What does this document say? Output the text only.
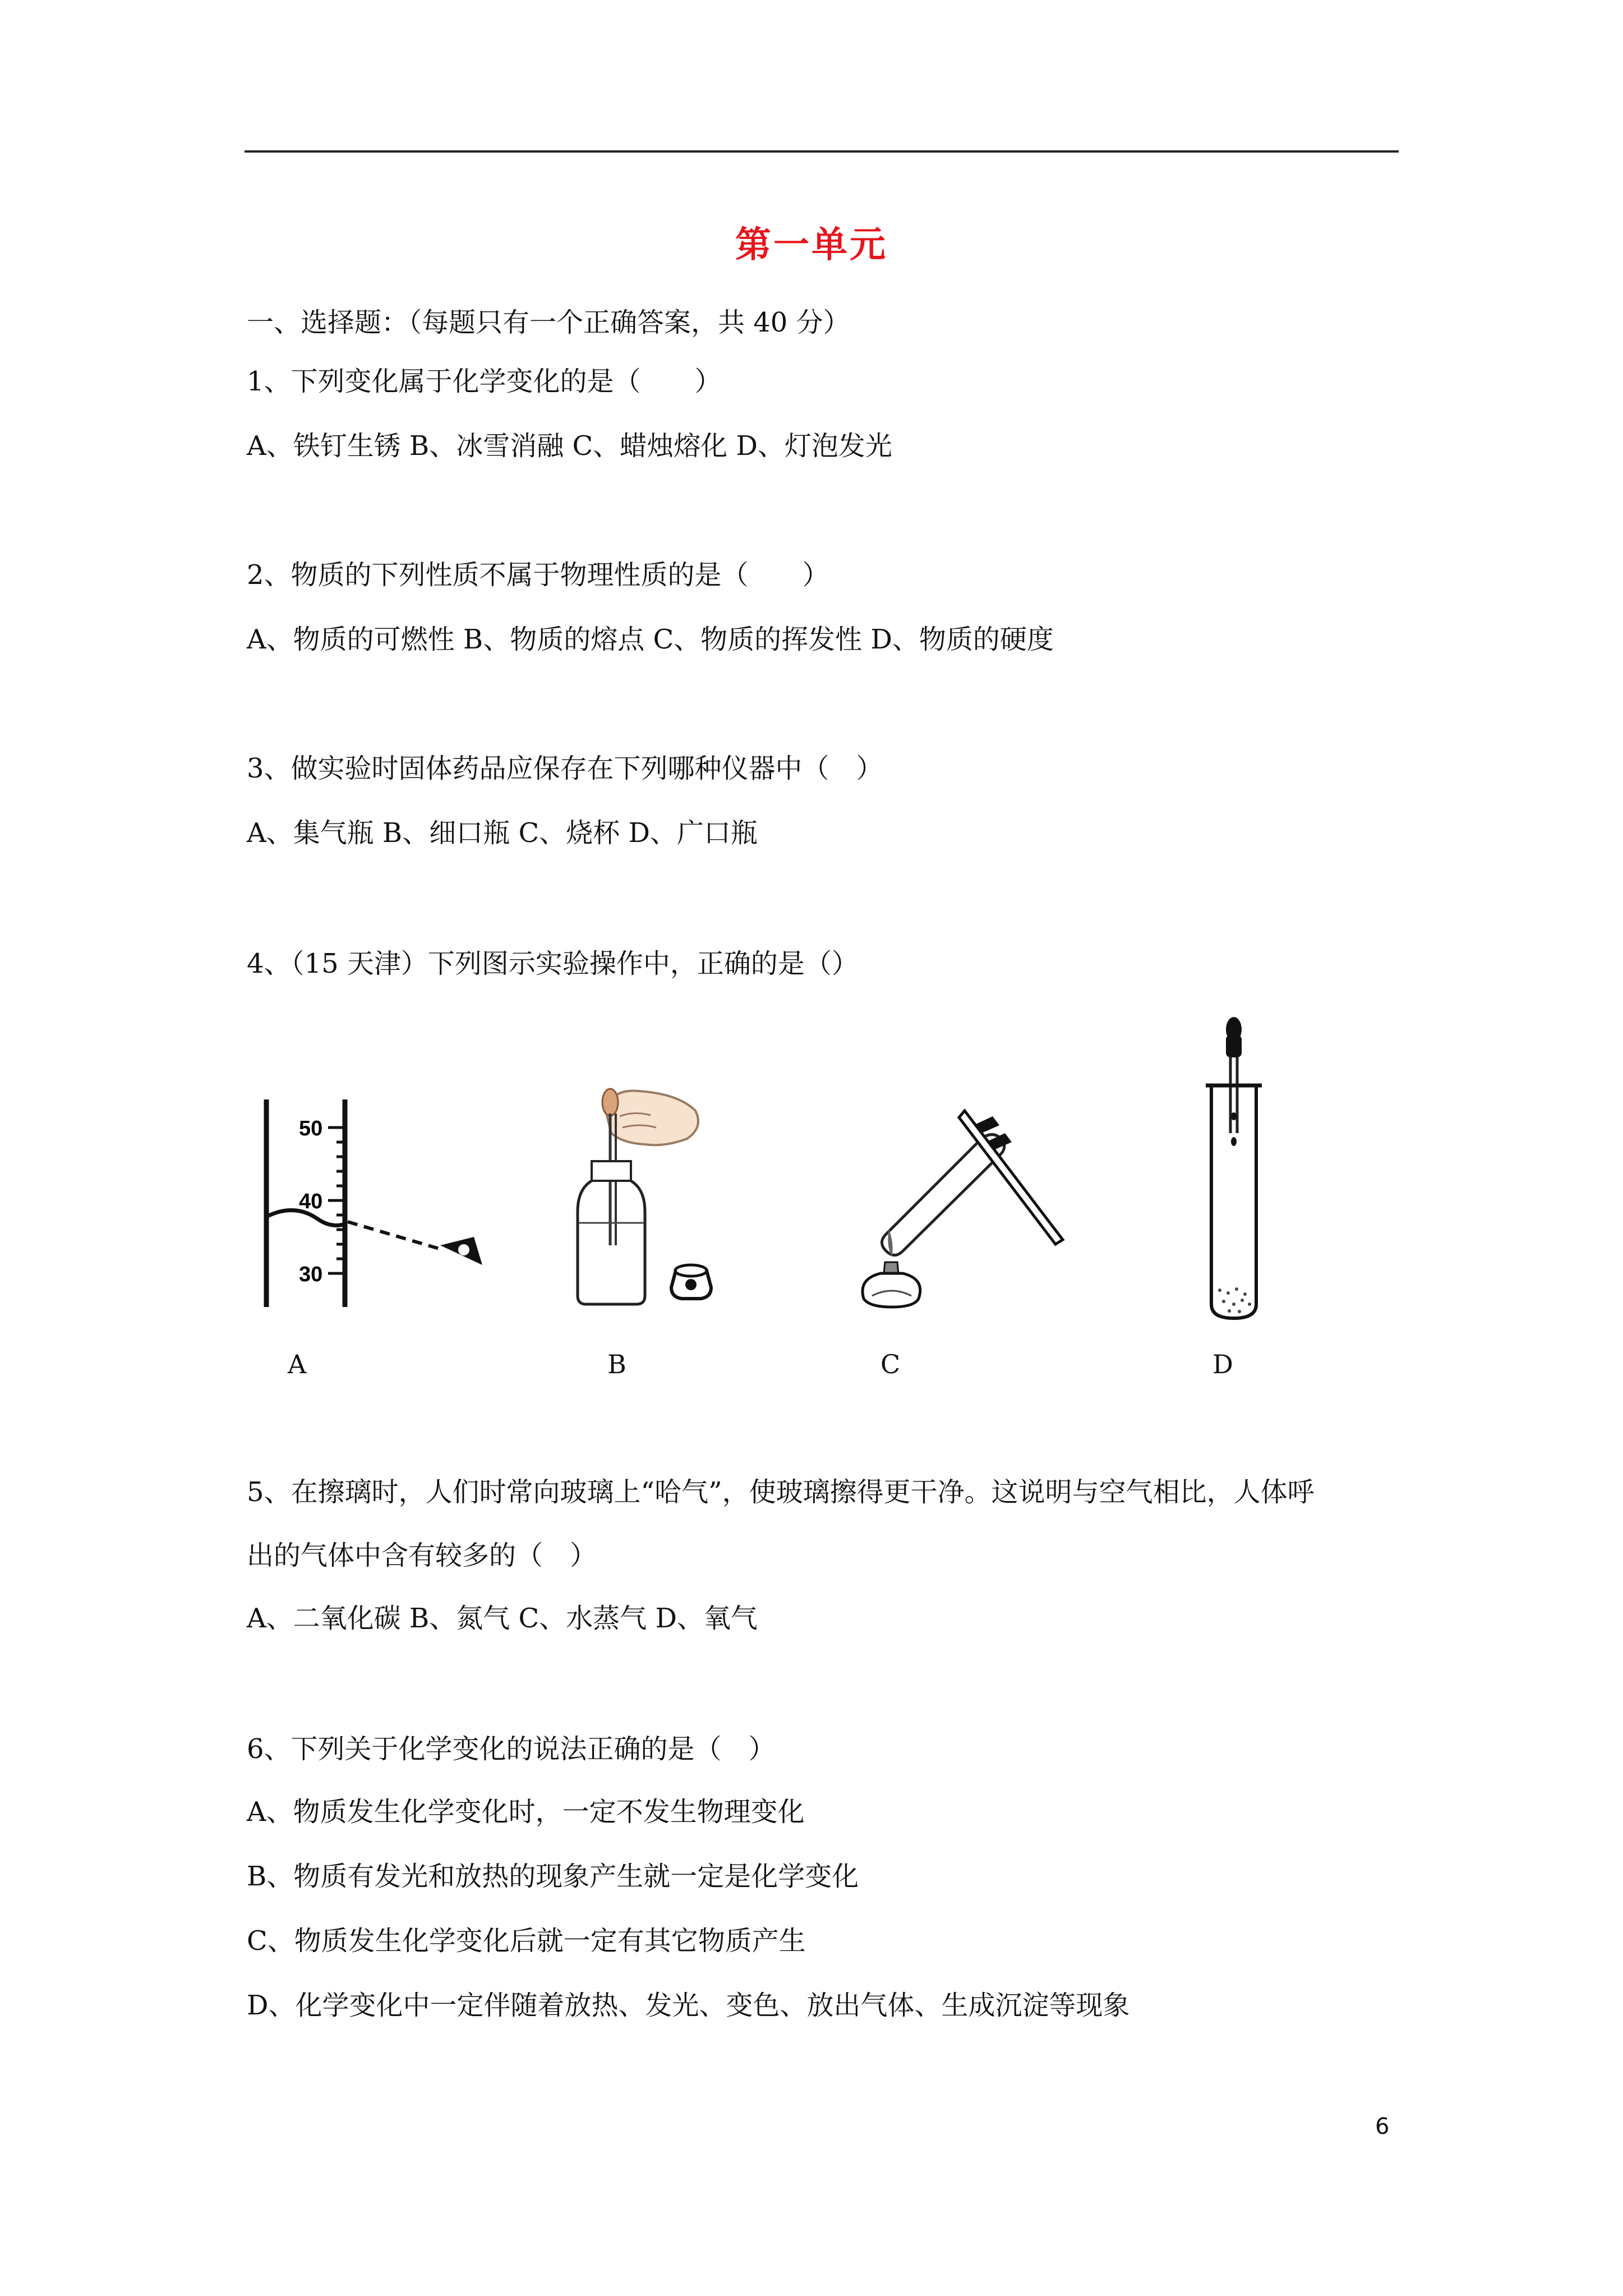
第一单元
一、选择题：（每题只有一个正确答案，共 40 分）
1、下列变化属于化学变化的是（　　）
A、铁钉生锈 B、冰雪消融 C、蜡烛熔化 D、灯泡发光
2、物质的下列性质不属于物理性质的是（　　）
A、物质的可燃性 B、物质的熔点 C、物质的挥发性 D、物质的硬度
3、做实验时固体药品应保存在下列哪种仪器中（　）
A、集气瓶 B、细口瓶 C、烧杯 D、广口瓶
4、（15 天津）下列图示实验操作中，正确的是（）
50
40
30
A	B	C	D
5、在擦璃时，人们时常向玻璃上“哈气”，使玻璃擦得更干净。这说明与空气相比，人体呼
出的气体中含有较多的（　）
A、二氧化碳 B、氮气 C、水蒸气 D、氧气
6、下列关于化学变化的说法正确的是（　）
A、物质发生化学变化时，一定不发生物理变化
B、物质有发光和放热的现象产生就一定是化学变化
C、物质发生化学变化后就一定有其它物质产生
D、化学变化中一定伴随着放热、发光、变色、放出气体、生成沉淀等现象
6
